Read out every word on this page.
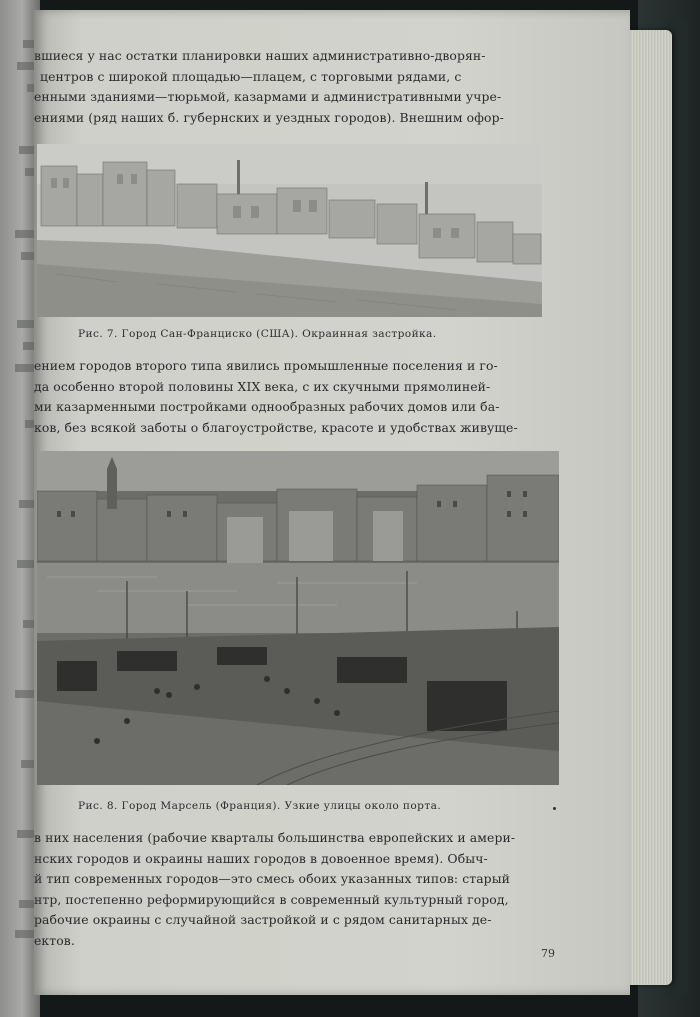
вшиеся у нас остатки планировки наших административно-дворян-
центров с широкой площадью—плацем, с торговыми рядами, с
енными зданиями—тюрьмой, казармами и административными учре-
ениями (ряд наших б. губернских и уездных городов). Внешним офор-
Рис. 7. Город Сан-Франциско (США). Окраинная застройка.
ением городов второго типа явились промышленные поселения и го-
да особенно второй половины XIX века, с их скучными прямолиней-
ми казарменными постройками однообразных рабочих домов или ба-
ков, без всякой заботы о благоустройстве, красоте и удобствах живуще-
Рис. 8. Город Марсель (Франция). Узкие улицы около порта.
в них населения (рабочие кварталы большинства европейских и амери-
нских городов и окраины наших городов в довоенное время). Обыч-
й тип современных городов—это смесь обоих указанных типов: старый
нтр, постепенно реформирующийся в современный культурный город,
рабочие окраины с случайной застройкой и с рядом санитарных де-
ектов.
79
